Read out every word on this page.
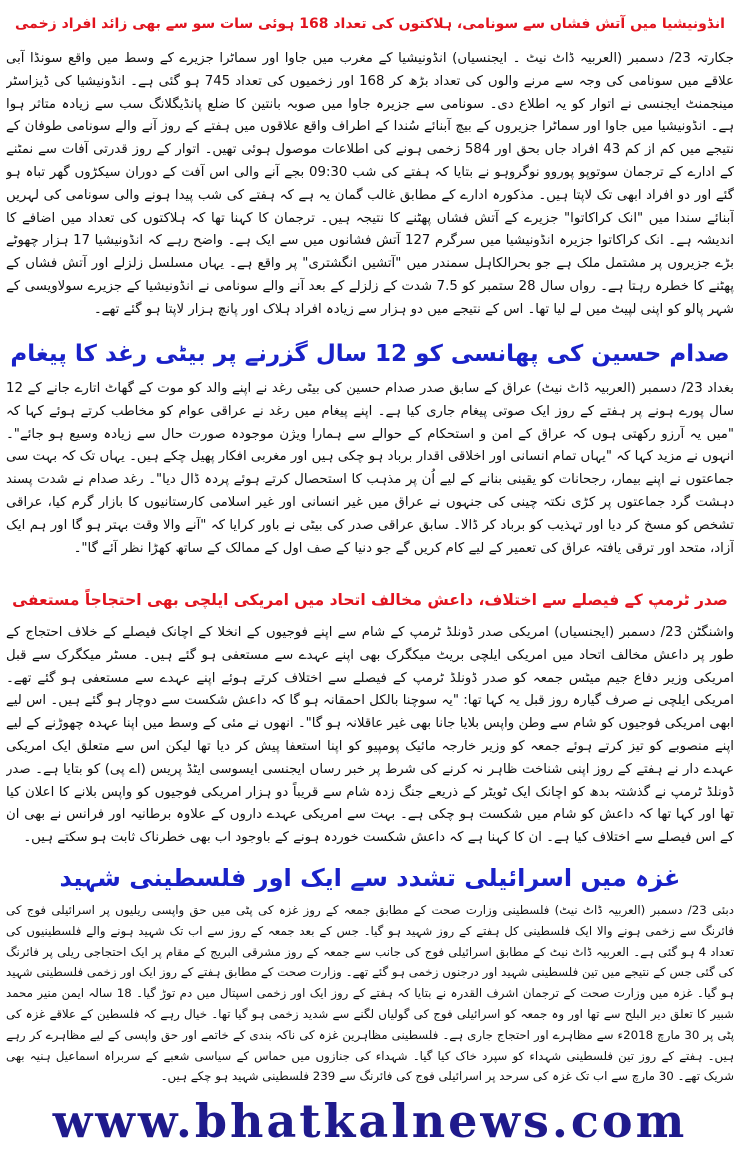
انڈونیشیا میں آتش فشاں سے سونامی، ہلاکتوں کی تعداد 168 ہوئی سات سو سے بھی زائد افراد زخمی
جکارتہ 23/ دسمبر (العربیہ ڈاٹ نیٹ ۔ ایجنسیاں) انڈونیشیا کے مغرب میں جاوا اور سماٹرا جزیرے کے وسط میں واقع سونڈا آبی علاقے میں سونامی کی وجہ سے مرنے والوں کی تعداد بڑھ کر 168 اور زخمیوں کی تعداد 745 ہو گئی ہے۔ انڈونیشیا کی ڈیزاسٹر مینجمنٹ ایجنسی نے اتوار کو یہ اطلاع دی۔ سونامی سے جزیرہ جاوا میں صوبہ بانتین کا ضلع پانڈیگلانگ سب سے زیادہ متاثر ہوا ہے۔ انڈونیشیا میں جاوا اور سماٹرا جزیروں کے بیچ آبنائے سُندا کے اطراف واقع علاقوں میں ہفتے کے روز آنے والے سونامی طوفان کے نتیجے میں کم از کم 43 افراد جاں بحق اور 584 زخمی ہونے کی اطلاعات موصول ہوئی تھیں۔ اتوار کے روز قدرتی آفات سے نمٹنے کے ادارے کے ترجمان سوتوپو پوروو نوگروہو نے بتایا کہ ہفتے کی شب 09:30 بجے آنے والی اس آفت کے دوران سیکڑوں گھر تباہ ہو گئے اور دو افراد ابھی تک لاپتا ہیں۔ مذکورہ ادارے کے مطابق غالب گمان یہ ہے کہ ہفتے کی شب پیدا ہونے والی سونامی کی لہریں آبنائے سندا میں "انک کراکاتوا" جزیرے کے آتش فشاں پھٹنے کا نتیجہ ہیں۔ ترجمان کا کہنا تھا کہ ہلاکتوں کی تعداد میں اضافے کا اندیشہ ہے۔ انک کراکاتوا جزیرہ انڈونیشیا میں سرگرم 127 آتش فشانوں میں سے ایک ہے۔ واضح رہے کہ انڈونیشیا 17 ہزار چھوٹے بڑے جزیروں پر مشتمل ملک ہے جو بحرالکاہل سمندر میں "آتشیں انگشتری" پر واقع ہے۔ یہاں مسلسل زلزلے اور آتش فشاں کے پھٹنے کا خطرہ رہتا ہے۔ رواں سال 28 ستمبر کو 7.5 شدت کے زلزلے کے بعد آنے والے سونامی نے انڈونیشیا کے جزیرے سولاویسی کے شہر پالو کو اپنی لپیٹ میں لے لیا تھا۔ اس کے نتیجے میں دو ہزار سے زیادہ افراد ہلاک اور پانچ ہزار لاپتا ہو گئے تھے۔
صدام حسین کی پھانسی کو 12 سال گزرنے پر بیٹی رغد کا پیغام
بغداد 23/ دسمبر (العربیہ ڈاٹ نیٹ) عراق کے سابق صدر صدام حسین کی بیٹی رغد نے اپنے والد کو موت کے گھاٹ اتارے جانے کے 12 سال پورے ہونے پر ہفتے کے روز ایک صوتی پیغام جاری کیا ہے۔ اپنے پیغام میں رغد نے عراقی عوام کو مخاطب کرتے ہوئے کہا کہ "میں یہ آرزو رکھتی ہوں کہ عراق کے امن و استحکام کے حوالے سے ہمارا ویژن موجودہ صورت حال سے زیادہ وسیع ہو جائے"۔ انہوں نے مزید کہا کہ "یہاں تمام انسانی اور اخلاقی اقدار برباد ہو چکی ہیں اور مغربی افکار پھیل چکے ہیں۔ یہاں تک کہ بہت سی جماعتوں نے اپنے بیمار، رجحانات کو یقینی بنانے کے لیے اُن پر مذہب کا استحصال کرتے ہوئے پردہ ڈال دیا"۔ رغد صدام نے شدت پسند دہشت گرد جماعتوں پر کڑی نکتہ چینی کی جنہوں نے عراق میں غیر انسانی اور غیر اسلامی کارستانیوں کا بازار گرم کیا، عراقی تشخص کو مسخ کر دیا اور تہذیب کو برباد کر ڈالا۔ سابق عراقی صدر کی بیٹی نے باور کرایا کہ "آنے والا وقت بہتر ہو گا اور ہم ایک آزاد، متحد اور ترقی یافتہ عراق کی تعمیر کے لیے کام کریں گے جو دنیا کے صف اول کے ممالک کے ساتھ کھڑا نظر آئے گا"۔
صدر ٹرمپ کے فیصلے سے اختلاف، داعش مخالف اتحاد میں امریکی ایلچی بھی احتجاجاً مستعفی
واشنگٹن 23/ دسمبر (ایجنسیاں) امریکی صدر ڈونلڈ ٹرمپ کے شام سے اپنے فوجیوں کے انخلا کے اچانک فیصلے کے خلاف احتجاج کے طور پر داعش مخالف اتحاد میں امریکی ایلچی بریٹ میکگرک بھی اپنے عہدے سے مستعفی ہو گئے ہیں۔ مسٹر میکگرک سے قبل امریکی وزیر دفاع جیم میٹس جمعہ کو صدر ڈونلڈ ٹرمپ کے فیصلے سے اختلاف کرتے ہوئے اپنے عہدے سے مستعفی ہو گئے تھے۔ امریکی ایلچی نے صرف گیارہ روز قبل یہ کہا تھا: "یہ سوچنا بالکل احمقانہ ہو گا کہ داعش شکست سے دوچار ہو گئے ہیں۔ اس لیے ابھی امریکی فوجیوں کو شام سے وطن واپس بلایا جانا بھی غیر عاقلانہ ہو گا"۔ انھوں نے مئی کے وسط میں اپنا عہدہ چھوڑنے کے لیے اپنے منصوبے کو تیز کرتے ہوئے جمعہ کو وزیر خارجہ مائیک پومپیو کو اپنا استعفا پیش کر دیا تھا لیکن اس سے متعلق ایک امریکی عہدے دار نے ہفتے کے روز اپنی شناخت ظاہر نہ کرنے کی شرط پر خبر رساں ایجنسی ایسوسی ایٹڈ پریس (اے پی) کو بتایا ہے۔ صدر ڈونلڈ ٹرمپ نے گذشتہ بدھ کو اچانک ایک ٹویٹر کے ذریعے جنگ زدہ شام سے قریباً دو ہزار امریکی فوجیوں کو واپس بلانے کا اعلان کیا تھا اور کہا تھا کہ داعش کو شام میں شکست ہو چکی ہے۔ بہت سے امریکی عہدے داروں کے علاوہ برطانیہ اور فرانس نے بھی ان کے اس فیصلے سے اختلاف کیا ہے۔ ان کا کہنا ہے کہ داعش شکست خوردہ ہونے کے باوجود اب بھی خطرناک ثابت ہو سکتے ہیں۔
غزہ میں اسرائیلی تشدد سے ایک اور فلسطینی شہید
دبئی 23/ دسمبر (العربیہ ڈاٹ نیٹ) فلسطینی وزارت صحت کے مطابق جمعہ کے روز غزہ کی پٹی میں حق واپسی ریلیوں پر اسرائیلی فوج کی فائرنگ سے زخمی ہونے والا ایک فلسطینی کل ہفتے کے روز شہید ہو گیا۔ جس کے بعد جمعہ کے روز سے اب تک شہید ہونے والے فلسطینیوں کی تعداد 4 ہو گئی ہے۔ العربیہ ڈاٹ نیٹ کے مطابق اسرائیلی فوج کی جانب سے جمعہ کے روز مشرقی البریج کے مقام پر ایک احتجاجی ریلی پر فائرنگ کی گئی جس کے نتیجے میں تین فلسطینی شہید اور درجنوں زخمی ہو گئے تھے۔ وزارت صحت کے مطابق ہفتے کے روز ایک اور زخمی فلسطینی شہید ہو گیا۔ غزہ میں وزارت صحت کے ترجمان اشرف القدرہ نے بتایا کہ ہفتے کے روز ایک اور زخمی اسپتال میں دم توڑ گیا۔ 18 سالہ ایمن منیر محمد شبیر کا تعلق دیر البلح سے تھا اور وہ جمعہ کو اسرائیلی فوج کی گولیاں لگنے سے شدید زخمی ہو گیا تھا۔ خیال رہے کہ فلسطین کے علاقے غزہ کی پٹی پر 30 مارچ 2018ء سے مظاہرے اور احتجاج جاری ہے۔ فلسطینی مظاہرین غزہ کی ناکہ بندی کے خاتمے اور حق واپسی کے لیے مظاہرے کر رہے ہیں۔ ہفتے کے روز تین فلسطینی شہداء کو سپرد خاک کیا گیا۔ شہداء کی جنازوں میں حماس کے سیاسی شعبے کے سربراہ اسماعیل ہنیہ بھی شریک تھے۔ 30 مارچ سے اب تک غزہ کی سرحد پر اسرائیلی فوج کی فائرنگ سے 239 فلسطینی شہید ہو چکے ہیں۔
www.bhatkalnews.com
